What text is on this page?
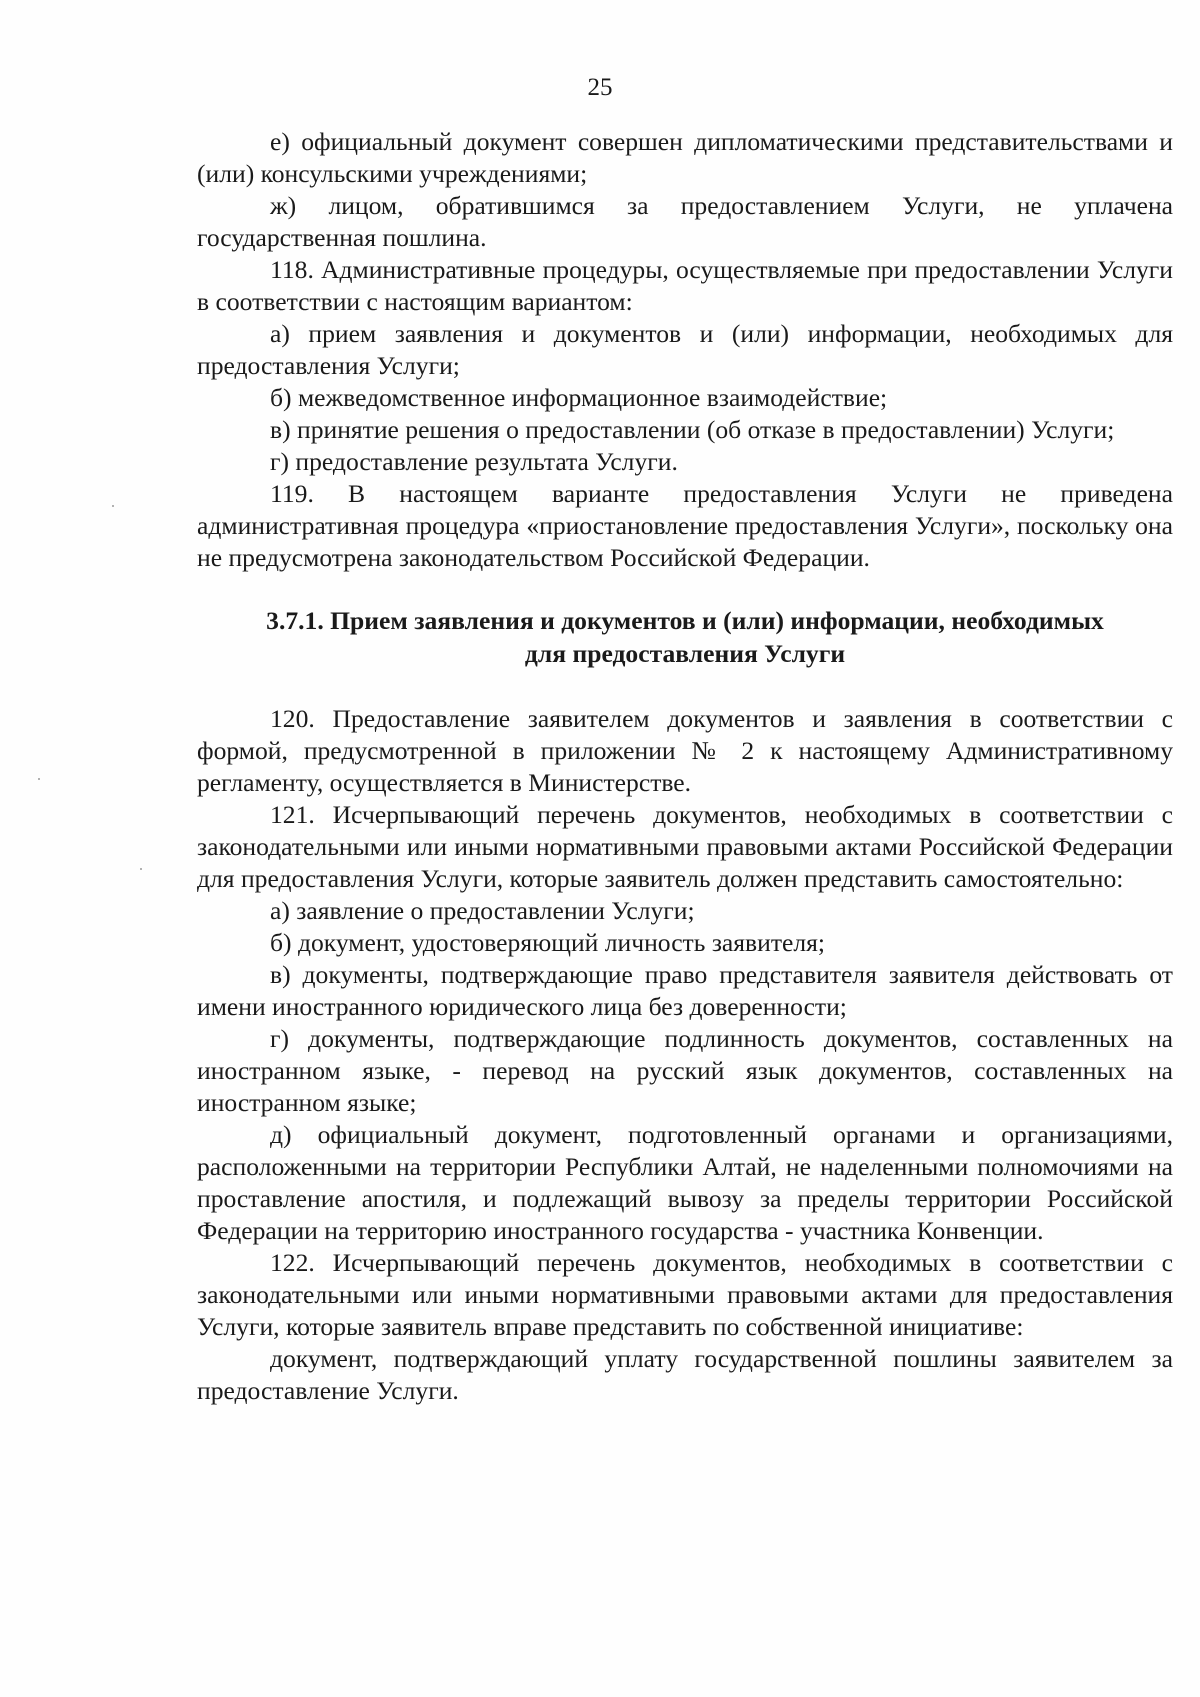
25

е) официальный документ совершен дипломатическими представительствами и (или) консульскими учреждениями;

ж) лицом, обратившимся за предоставлением Услуги, не уплачена государственная пошлина.

118. Административные процедуры, осуществляемые при предоставлении Услуги в соответствии с настоящим вариантом:

а) прием заявления и документов и (или) информации, необходимых для предоставления Услуги;

б) межведомственное информационное взаимодействие;

в) принятие решения о предоставлении (об отказе в предоставлении) Услуги;

г) предоставление результата Услуги.

119. В настоящем варианте предоставления Услуги не приведена административная процедура «приостановление предоставления Услуги», поскольку она не предусмотрена законодательством Российской Федерации.

3.7.1. Прием заявления и документов и (или) информации, необходимых
для предоставления Услуги

120. Предоставление заявителем документов и заявления в соответствии с формой, предусмотренной в приложении № 2 к настоящему Административному регламенту, осуществляется в Министерстве.

121. Исчерпывающий перечень документов, необходимых в соответствии с законодательными или иными нормативными правовыми актами Российской Федерации для предоставления Услуги, которые заявитель должен представить самостоятельно:

а) заявление о предоставлении Услуги;

б) документ, удостоверяющий личность заявителя;

в) документы, подтверждающие право представителя заявителя действовать от имени иностранного юридического лица без доверенности;

г) документы, подтверждающие подлинность документов, составленных на иностранном языке, - перевод на русский язык документов, составленных на иностранном языке;

д) официальный документ, подготовленный органами и организациями, расположенными на территории Республики Алтай, не наделенными полномочиями на проставление апостиля, и подлежащий вывозу за пределы территории Российской Федерации на территорию иностранного государства - участника Конвенции.

122. Исчерпывающий перечень документов, необходимых в соответствии с законодательными или иными нормативными правовыми актами для предоставления Услуги, которые заявитель вправе представить по собственной инициативе:

документ, подтверждающий уплату государственной пошлины заявителем за предоставление Услуги.
